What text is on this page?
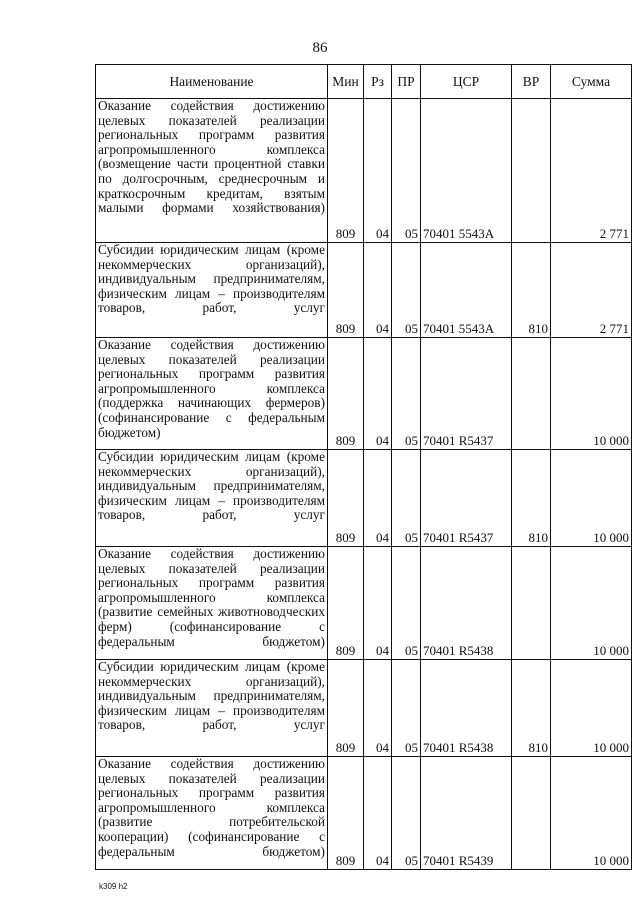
86
Наименование	Мин	Рз	ПР	ЦСР	ВР	Сумма
Оказание содействия достижению целевых показателей реализации региональных программ развития агропромышленного комплекса (возмещение части процентной ставки по долгосрочным, среднесрочным и краткосрочным кредитам, взятым малыми формами хозяйствования)	809	04	05	70401 5543A		2 771
Субсидии юридическим лицам (кроме некоммерческих организаций), индивидуальным предпринимателям, физическим лицам – производителям товаров, работ, услуг	809	04	05	70401 5543A	810	2 771
Оказание содействия достижению целевых показателей реализации региональных программ развития агропромышленного комплекса (поддержка начинающих фермеров) (софинансирование с федеральным бюджетом)	809	04	05	70401 R5437		10 000
Субсидии юридическим лицам (кроме некоммерческих организаций), индивидуальным предпринимателям, физическим лицам – производителям товаров, работ, услуг	809	04	05	70401 R5437	810	10 000
Оказание содействия достижению целевых показателей реализации региональных программ развития агропромышленного комплекса (развитие семейных животноводческих ферм) (софинансирование с федеральным бюджетом)	809	04	05	70401 R5438		10 000
Субсидии юридическим лицам (кроме некоммерческих организаций), индивидуальным предпринимателям, физическим лицам – производителям товаров, работ, услуг	809	04	05	70401 R5438	810	10 000
Оказание содействия достижению целевых показателей реализации региональных программ развития агропромышленного комплекса (развитие потребительской кооперации) (софинансирование с федеральным бюджетом)	809	04	05	70401 R5439		10 000
k309 h2
